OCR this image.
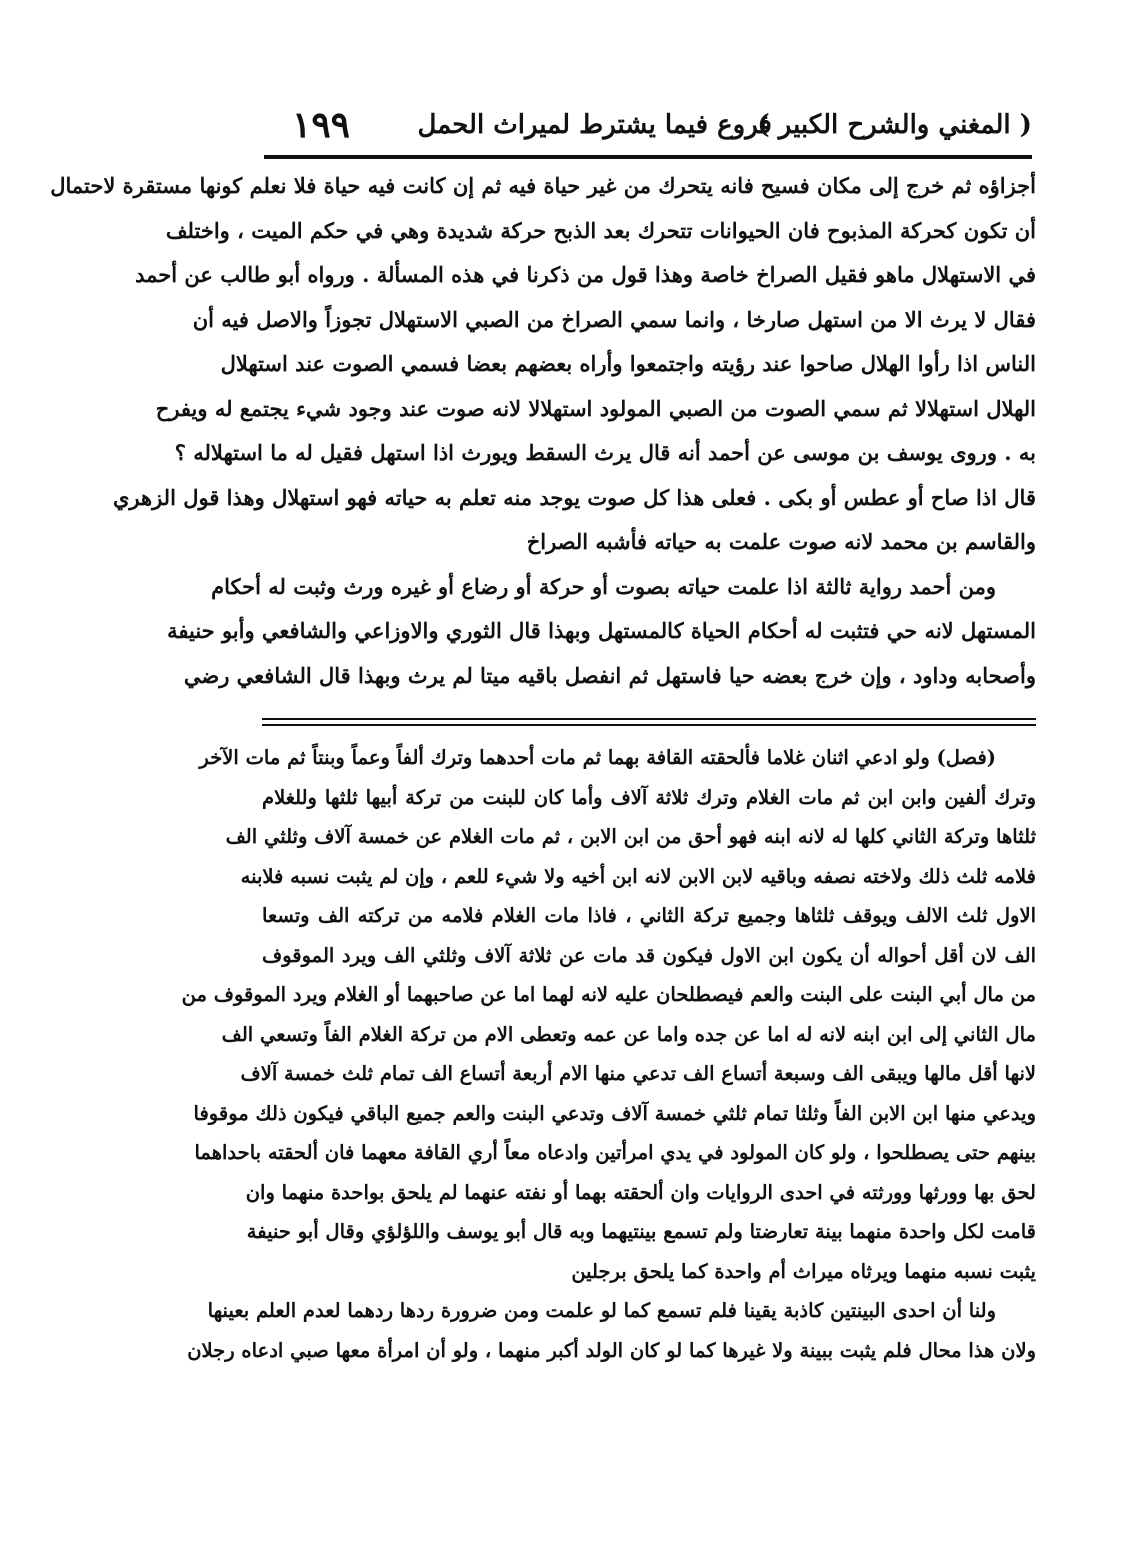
( المغني والشرح الكبير )
فروع فيما يشترط لميراث الحمل
١٩٩
أجزاؤه ثم خرج إلى مكان فسيح فانه يتحرك من غير حياة فيه ثم إن كانت فيه حياة فلا نعلم كونها مستقرة لاحتمال
أن تكون كحركة المذبوح فان الحيوانات تتحرك بعد الذبح حركة شديدة وهي في حكم الميت ، واختلف
في الاستهلال ماهو فقيل الصراخ خاصة وهذا قول من ذكرنا في هذه المسألة . ورواه أبو طالب عن أحمد
فقال لا يرث الا من استهل صارخا ، وانما سمي الصراخ من الصبي الاستهلال تجوزاً والاصل فيه أن
الناس اذا رأوا الهلال صاحوا عند رؤيته واجتمعوا وأراه بعضهم بعضا فسمي الصوت عند استهلال
الهلال استهلالا ثم سمي الصوت من الصبي المولود استهلالا لانه صوت عند وجود شيء يجتمع له ويفرح
به . وروى يوسف بن موسى عن أحمد أنه قال يرث السقط ويورث اذا استهل فقيل له ما استهلاله ؟
قال اذا صاح أو عطس أو بكى . فعلى هذا كل صوت يوجد منه تعلم به حياته فهو استهلال وهذا قول الزهري
والقاسم بن محمد لانه صوت علمت به حياته فأشبه الصراخ
ومن أحمد رواية ثالثة اذا علمت حياته بصوت أو حركة أو رضاع أو غيره ورث وثبت له أحكام
المستهل لانه حي فتثبت له أحكام الحياة كالمستهل وبهذا قال الثوري والاوزاعي والشافعي وأبو حنيفة
وأصحابه وداود ، وإن خرج بعضه حيا فاستهل ثم انفصل باقيه ميتا لم يرث وبهذا قال الشافعي رضي
(فصل) ولو ادعي اثنان غلاما فألحقته القافة بهما ثم مات أحدهما وترك ألفاً وعماً وبنتاً ثم مات الآخر
وترك ألفين وابن ابن ثم مات الغلام وترك ثلاثة آلاف وأما كان للبنت من تركة أبيها ثلثها وللغلام
ثلثاها وتركة الثاني كلها له لانه ابنه فهو أحق من ابن الابن ، ثم مات الغلام عن خمسة آلاف وثلثي الف
فلامه ثلث ذلك ولاخته نصفه وباقيه لابن الابن لانه ابن أخيه ولا شيء للعم ، وإن لم يثبت نسبه فلابنه
الاول ثلث الالف ويوقف ثلثاها وجميع تركة الثاني ، فاذا مات الغلام فلامه من تركته الف وتسعا
الف لان أقل أحواله أن يكون ابن الاول فيكون قد مات عن ثلاثة آلاف وثلثي الف ويرد الموقوف
من مال أبي البنت على البنت والعم فيصطلحان عليه لانه لهما اما عن صاحبهما أو الغلام ويرد الموقوف من
مال الثاني إلى ابن ابنه لانه له اما عن جده واما عن عمه وتعطى الام من تركة الغلام الفاً وتسعي الف
لانها أقل مالها ويبقى الف وسبعة أتساع الف تدعي منها الام أربعة أتساع الف تمام ثلث خمسة آلاف
ويدعي منها ابن الابن الفاً وثلثا تمام ثلثي خمسة آلاف وتدعي البنت والعم جميع الباقي فيكون ذلك موقوفا
بينهم حتى يصطلحوا ، ولو كان المولود في يدي امرأتين وادعاه معاً أري القافة معهما فان ألحقته باحداهما
لحق بها وورثها وورثته في احدى الروايات وان ألحقته بهما أو نفته عنهما لم يلحق بواحدة منهما وان
قامت لكل واحدة منهما بينة تعارضتا ولم تسمع بينتيهما وبه قال أبو يوسف واللؤلؤي وقال أبو حنيفة
يثبت نسبه منهما ويرثاه ميراث أم واحدة كما يلحق برجلين
ولنا أن احدى البينتين كاذبة يقينا فلم تسمع كما لو علمت ومن ضرورة ردها ردهما لعدم العلم بعينها
ولان هذا محال فلم يثبت ببينة ولا غيرها كما لو كان الولد أكبر منهما ، ولو أن امرأة معها صبي ادعاه رجلان
